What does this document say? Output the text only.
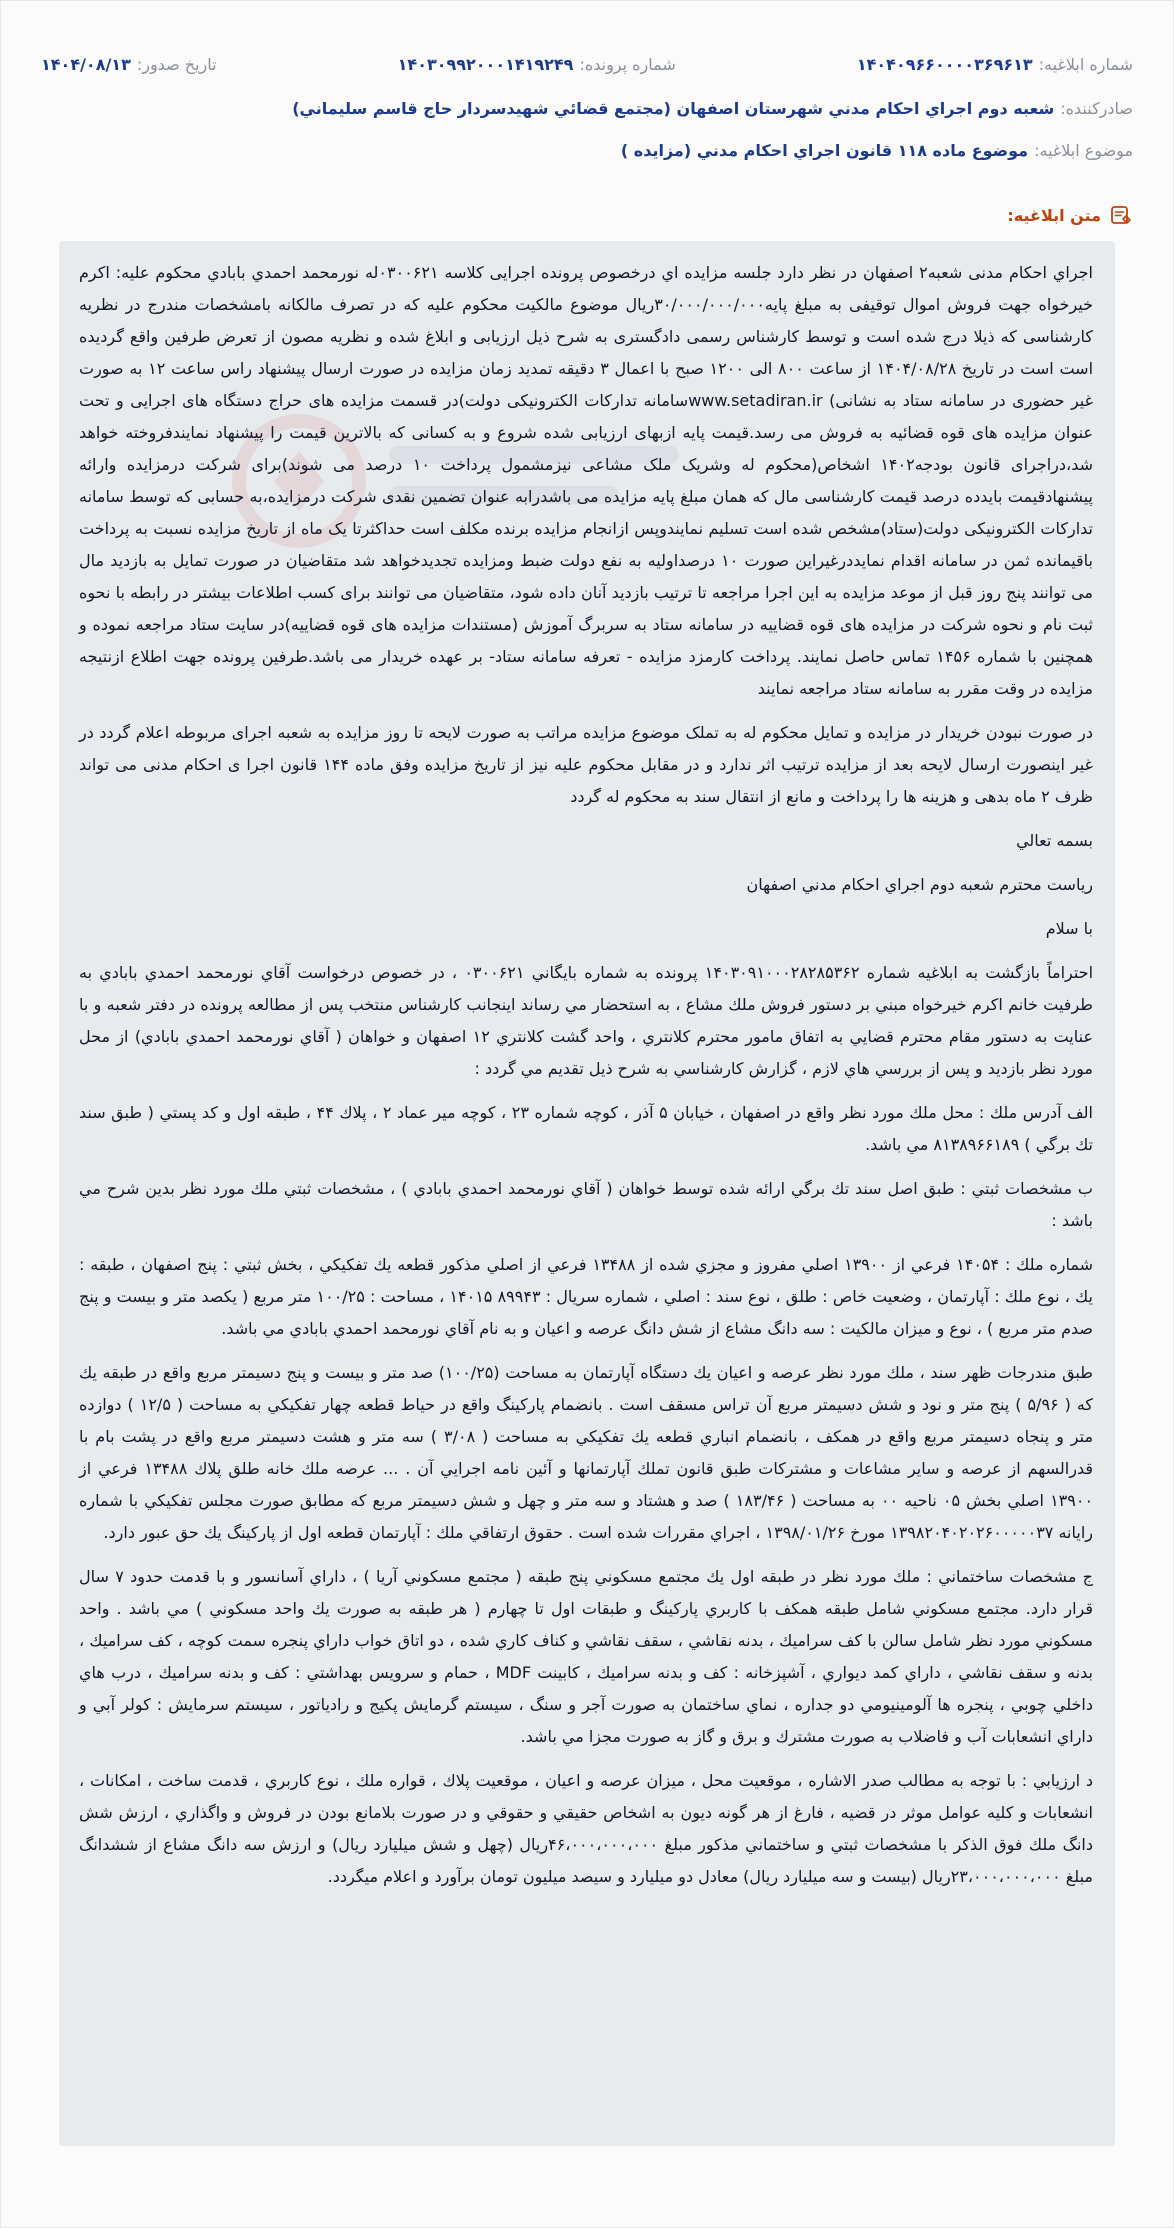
شماره ابلاغیه:
۱۴۰۴۰۹۶۶۰۰۰۰۳۶۹۶۱۳
شماره پرونده:
۱۴۰۳۰۹۹۲۰۰۰۱۴۱۹۲۴۹
تاریخ صدور:
۱۴۰۴/۰۸/۱۳
صادرکننده:
شعبه دوم اجراي احكام مدني شهرستان اصفهان (مجتمع قضائي شهيدسردار حاج قاسم سليماني)
موضوع ابلاغیه:
موضوع ماده ۱۱۸ قانون اجراي احكام مدني (مزايده )
متن ابلاغیه:

اجراي احكام مدنی شعبه۲ اصفهان در نظر دارد جلسه مزايده اي درخصوص پرونده اجرایی كلاسه ۰۳۰۰۶۲۱له نورمحمد احمدي بابادي محكوم علیه: اكرم خيرخواه جهت فروش اموال توقيفی به مبلغ پايه۳۰/۰۰۰/۰۰۰/۰۰۰ريال موضوع مالكيت محكوم عليه كه در تصرف مالكانه بامشخصات مندرج در نظريه كارشناسی كه ذيلا درج شده است و توسط كارشناس رسمی دادگستری به شرح ذيل ارزيابی و ابلاغ شده و نظريه مصون از تعرض طرفين واقع گرديده است است در تاريخ ۱۴۰۴/۰۸/۲۸ از ساعت ۸۰۰ الی ۱۲۰۰ صبح با اعمال ۳ دقيقه تمديد زمان مزايده در صورت ارسال پيشنهاد راس ساعت ۱۲ به صورت غير حضوری در سامانه ستاد به نشانی) www.setadiran.irسامانه تداركات الكترونيكی دولت)در قسمت مزايده های حراج دستگاه های اجرايی و تحت عنوان مزايده های قوه قضائيه به فروش می رسد.قيمت پايه ازبهای ارزيابی شده شروع و به كسانی كه بالاترين قيمت را پيشنهاد نمايندفروخته خواهد شد،دراجرای قانون بودجه۱۴۰۲ اشخاص(محكوم له وشريک ملک مشاعی نيزمشمول پرداخت ۱۰ درصد می شوند)برای شركت درمزايده وارائه پيشنهادقيمت بايدده درصد قيمت كارشناسی مال كه همان مبلغ پايه مزايده می باشدرابه عنوان تضمين نقدی شركت درمزايده،به حسابی كه توسط سامانه تداركات الكترونيكی دولت(ستاد)مشخص شده است تسليم نمايندوپس ازانجام مزايده برنده مكلف است حداكثرتا يک ماه از تاريخ مزايده نسبت به پرداخت باقيمانده ثمن در سامانه اقدام نمايددرغيراين صورت ۱۰ درصداوليه به نفع دولت ضبط ومزايده تجديدخواهد شد متقاضيان در صورت تمايل به بازديد مال می توانند پنج روز قبل از موعد مزايده به اين اجرا مراجعه تا ترتيب بازديد آنان داده شود، متقاضيان می توانند برای كسب اطلاعات بيشتر در رابطه با نحوه ثبت نام و نحوه شركت در مزايده های قوه قضاييه در سامانه ستاد به سربرگ آموزش (مستندات مزايده های قوه قضاييه)در سايت ستاد مراجعه نموده و همچنين با شماره ۱۴۵۶ تماس حاصل نمايند. پرداخت كارمزد مزايده - تعرفه سامانه ستاد- بر عهده خريدار می باشد.طرفين پرونده جهت اطلاع ازنتيجه مزايده در وقت مقرر به سامانه ستاد مراجعه نمايند

در صورت نبودن خريدار در مزايده و تمايل محكوم له به تملک موضوع مزايده مراتب به صورت لايحه تا روز مزايده به شعبه اجرای مربوطه اعلام گردد در غير اينصورت ارسال لايحه بعد از مزايده ترتيب اثر ندارد و در مقابل محكوم عليه نيز از تاريخ مزايده وفق ماده ۱۴۴ قانون اجرا ی احكام مدنی می تواند ظرف ۲ ماه بدهی و هزينه ها را پرداخت و مانع از انتقال سند به محكوم له گردد

بسمه تعالي

رياست محترم شعبه دوم اجراي احكام مدني اصفهان

با سلام

احتراماً بازگشت به ابلاغيه شماره ۱۴۰۳۰۹۱۰۰۰۲۸۲۸۵۳۶۲ پرونده به شماره بايگاني ۰۳۰۰۶۲۱ ، در خصوص درخواست آقاي نورمحمد احمدي بابادي به طرفيت خانم اكرم خيرخواه مبني بر دستور فروش ملك مشاع ، به استحضار مي رساند اينجانب كارشناس منتخب پس از مطالعه پرونده در دفتر شعبه و با عنايت به دستور مقام محترم قضايي به اتفاق مامور محترم كلانتري ، واحد گشت كلانتري ۱۲ اصفهان و خواهان ( آقاي نورمحمد احمدي بابادي) از محل مورد نظر بازديد و پس از بررسي هاي لازم ، گزارش كارشناسي به شرح ذيل تقديم مي گردد :

الف آدرس ملك : محل ملك مورد نظر واقع در اصفهان ، خيابان ۵ آذر ، كوچه شماره ۲۳ ، كوچه مير عماد ۲ ، پلاك ۴۴ ، طبقه اول و كد پستي ( طبق سند تك برگي ) ۸۱۳۸۹۶۶۱۸۹ مي باشد.

ب مشخصات ثبتي : طبق اصل سند تك برگي ارائه شده توسط خواهان ( آقاي نورمحمد احمدي بابادي ) ، مشخصات ثبتي ملك مورد نظر بدين شرح مي باشد :

شماره ملك : ۱۴۰۵۴ فرعي از ۱۳۹۰۰ اصلي مفروز و مجزي شده از ۱۳۴۸۸ فرعي از اصلي مذكور قطعه يك تفكيكي ، بخش ثبتي : پنج اصفهان ، طبقه : يك ، نوع ملك : آپارتمان ، وضعيت خاص : طلق ، نوع سند : اصلي ، شماره سريال : ۸۹۹۴۳ ۱۴۰۱۵ ، مساحت : ۱۰۰/۲۵ متر مربع ( يكصد متر و بيست و پنج صدم متر مربع ) ، نوع و ميزان مالكيت : سه دانگ مشاع از شش دانگ عرصه و اعيان و به نام آقاي نورمحمد احمدي بابادي مي باشد.

طبق مندرجات ظهر سند ، ملك مورد نظر عرصه و اعيان يك دستگاه آپارتمان به مساحت (۱۰۰/۲۵) صد متر و بيست و پنج دسيمتر مربع واقع در طبقه يك كه ( ۵/۹۶ ) پنج متر و نود و شش دسيمتر مربع آن تراس مسقف است . بانضمام پاركينگ واقع در حياط قطعه چهار تفكيكي به مساحت ( ۱۲/۵ ) دوازده متر و پنجاه دسيمتر مربع واقع در همكف ، بانضمام انباري قطعه يك تفكيكي به مساحت ( ۳/۰۸ ) سه متر و هشت دسيمتر مربع واقع در پشت بام با قدرالسهم از عرصه و ساير مشاعات و مشتركات طبق قانون تملك آپارتمانها و آئين نامه اجرايي آن . ... عرصه ملك خانه طلق پلاك ۱۳۴۸۸ فرعي از ۱۳۹۰۰ اصلي بخش ۰۵ ناحيه ۰۰ به مساحت ( ۱۸۳/۴۶ ) صد و هشتاد و سه متر و چهل و شش دسيمتر مربع كه مطابق صورت مجلس تفكيكي با شماره رايانه ۱۳۹۸۲۰۴۰۲۰۲۶۰۰۰۰۰۳۷ مورخ ۱۳۹۸/۰۱/۲۶ ، اجراي مقررات شده است . حقوق ارتفاقي ملك : آپارتمان قطعه اول از پاركينگ يك حق عبور دارد.

ج مشخصات ساختماني : ملك مورد نظر در طبقه اول يك مجتمع مسكوني پنج طبقه ( مجتمع مسكوني آريا ) ، داراي آسانسور و با قدمت حدود ۷ سال قرار دارد. مجتمع مسكوني شامل طبقه همكف با كاربري پاركينگ و طبقات اول تا چهارم ( هر طبقه به صورت يك واحد مسكوني ) مي باشد . واحد مسكوني مورد نظر شامل سالن با كف سراميك ، بدنه نقاشي ، سقف نقاشي و كناف كاري شده ، دو اتاق خواب داراي پنجره سمت كوچه ، كف سراميك ، بدنه و سقف نقاشي ، داراي كمد ديواري ، آشپزخانه : كف و بدنه سراميك ، كابينت MDF ، حمام و سرويس بهداشتي : كف و بدنه سراميك ، درب هاي داخلي چوبي ، پنجره ها آلومينيومي دو جداره ، نماي ساختمان به صورت آجر و سنگ ، سيستم گرمايش پكيج و رادياتور ، سيستم سرمايش : كولر آبي و داراي انشعابات آب و فاضلاب به صورت مشترك و برق و گاز به صورت مجزا مي باشد.

د ارزيابي : با توجه به مطالب صدر الاشاره ، موقعيت محل ، ميزان عرصه و اعيان ، موقعيت پلاك ، قواره ملك ، نوع كاربري ، قدمت ساخت ، امكانات ، انشعابات و كليه عوامل موثر در قضيه ، فارغ از هر گونه ديون به اشخاص حقيقي و حقوقي و در صورت بلامانع بودن در فروش و واگذاري ، ارزش شش دانگ ملك فوق الذكر با مشخصات ثبتي و ساختماني مذكور مبلغ ۴۶،۰۰۰،۰۰۰،۰۰۰ريال (چهل و شش ميليارد ريال) و ارزش سه دانگ مشاع از ششدانگ مبلغ ۲۳،۰۰۰،۰۰۰،۰۰۰ريال (بيست و سه ميليارد ريال) معادل دو ميليارد و سيصد ميليون تومان برآورد و اعلام ميگردد.
